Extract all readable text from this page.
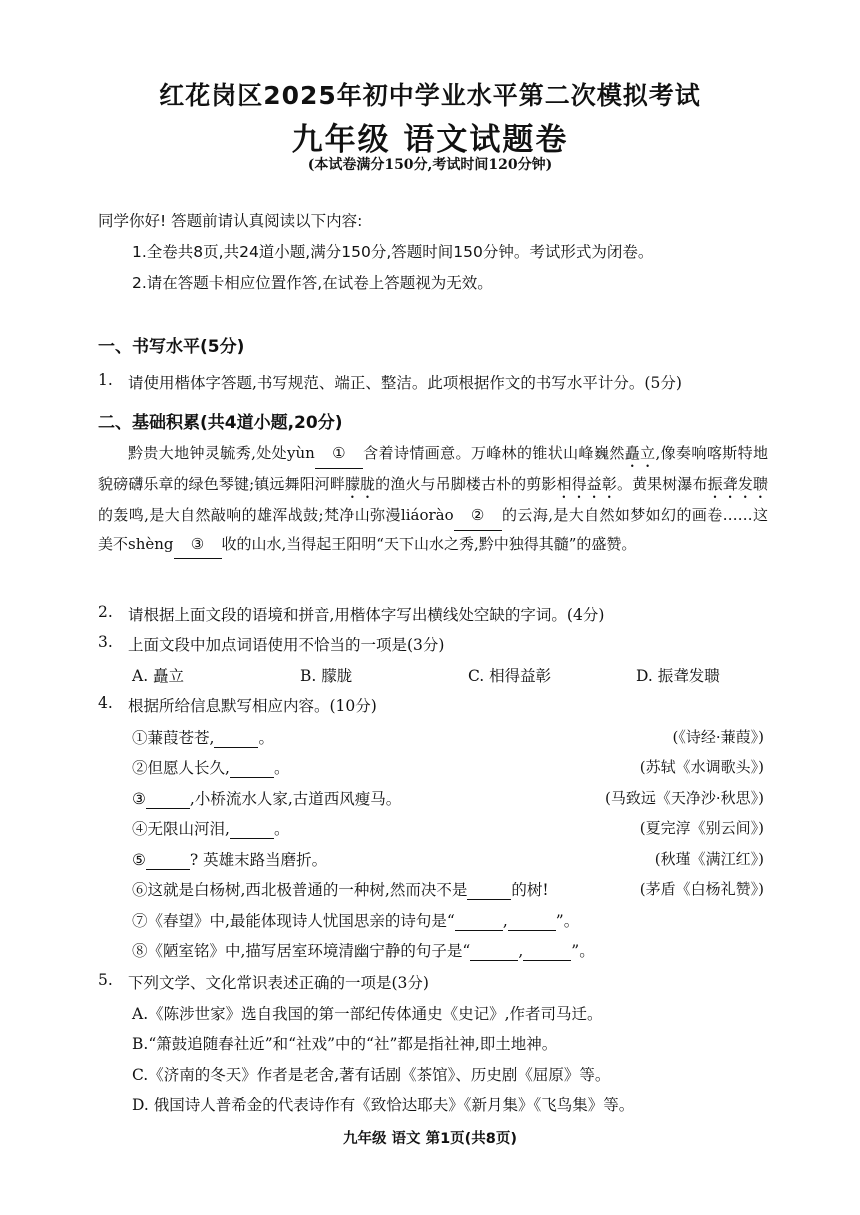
红花岗区2025年初中学业水平第二次模拟考试
九年级 语文试题卷
(本试卷满分150分,考试时间120分钟)
同学你好! 答题前请认真阅读以下内容:
1.全卷共8页,共24道小题,满分150分,答题时间150分钟。考试形式为闭卷。
2.请在答题卡相应位置作答,在试卷上答题视为无效。
一、书写水平(5分)
1. 请使用楷体字答题,书写规范、端正、整洁。此项根据作文的书写水平计分。(5分)
二、基础积累(共4道小题,20分)
黔贵大地钟灵毓秀,处处yùn ① 含着诗情画意。万峰林的锥状山峰巍然矗立,像奏响喀斯特地貌磅礴乐章的绿色琴键;镇远舞阳河畔朦胧的渔火与吊脚楼古朴的剪影相得益彰。黄果树瀑布振聋发聩的轰鸣,是大自然敲响的雄浑战鼓;梵净山弥漫liáorào ② 的云海,是大自然如梦如幻的画卷……这美不shèng ③ 收的山水,当得起王阳明“天下山水之秀,黔中独得其髓”的盛赞。
2. 请根据上面文段的语境和拼音,用楷体字写出横线处空缺的字词。(4分)
3. 上面文段中加点词语使用不恰当的一项是(3分)
A. 矗立	B. 朦胧	C. 相得益彰	D. 振聋发聩
4. 根据所给信息默写相应内容。(10分)
①蒹葭苍苍,	。	(《诗经·蒹葭》)
②但愿人长久,	。	(苏轼《水调歌头》)
③	,小桥流水人家,古道西风瘦马。	(马致远《天净沙·秋思》)
④无限山河泪,	。	(夏完淳《别云间》)
⑤	? 英雄末路当磨折。	(秋瑾《满江红》)
⑥这就是白杨树,西北极普通的一种树,然而决不是	的树!	(茅盾《白杨礼赞》)
⑦《春望》中,最能体现诗人忧国思亲的诗句是“	,	”。
⑧《陋室铭》中,描写居室环境清幽宁静的句子是“	,	”。
5. 下列文学、文化常识表述正确的一项是(3分)
A.《陈涉世家》选自我国的第一部纪传体通史《史记》,作者司马迁。
B.“箫鼓追随春社近”和“社戏”中的“社”都是指社神,即土地神。
C.《济南的冬天》作者是老舍,著有话剧《茶馆》、历史剧《屈原》等。
D. 俄国诗人普希金的代表诗作有《致恰达耶夫》《新月集》《飞鸟集》等。
九年级 语文 第1页(共8页)
